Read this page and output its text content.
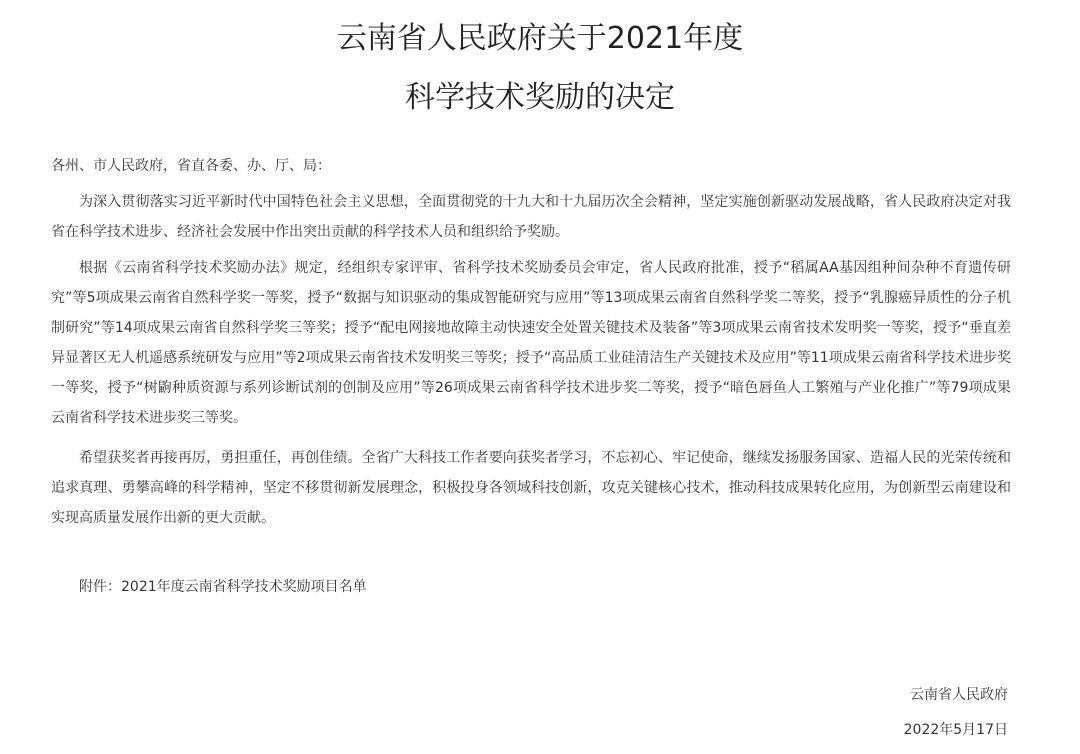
云南省人民政府关于2021年度
科学技术奖励的决定

各州、市人民政府，省直各委、办、厅、局：

为深入贯彻落实习近平新时代中国特色社会主义思想，全面贯彻党的十九大和十九届历次全会精神，坚定实施创新驱动发展战略，省人民政府决定对我省在科学技术进步、经济社会发展中作出突出贡献的科学技术人员和组织给予奖励。

根据《云南省科学技术奖励办法》规定，经组织专家评审、省科学技术奖励委员会审定，省人民政府批准，授予“稻属AA基因组种间杂种不育遗传研究”等5项成果云南省自然科学奖一等奖，授予“数据与知识驱动的集成智能研究与应用”等13项成果云南省自然科学奖二等奖，授予“乳腺癌异质性的分子机制研究”等14项成果云南省自然科学奖三等奖；授予“配电网接地故障主动快速安全处置关键技术及装备”等3项成果云南省技术发明奖一等奖，授予“垂直差异显著区无人机遥感系统研发与应用”等2项成果云南省技术发明奖三等奖；授予“高品质工业硅清洁生产关键技术及应用”等11项成果云南省科学技术进步奖一等奖，授予“树鼩种质资源与系列诊断试剂的创制及应用”等26项成果云南省科学技术进步奖二等奖，授予“暗色唇鱼人工繁殖与产业化推广”等79项成果云南省科学技术进步奖三等奖。

希望获奖者再接再厉，勇担重任，再创佳绩。全省广大科技工作者要向获奖者学习，不忘初心、牢记使命，继续发扬服务国家、造福人民的光荣传统和追求真理、勇攀高峰的科学精神，坚定不移贯彻新发展理念，积极投身各领域科技创新，攻克关键核心技术，推动科技成果转化应用，为创新型云南建设和实现高质量发展作出新的更大贡献。

附件：2021年度云南省科学技术奖励项目名单

云南省人民政府

2022年5月17日
